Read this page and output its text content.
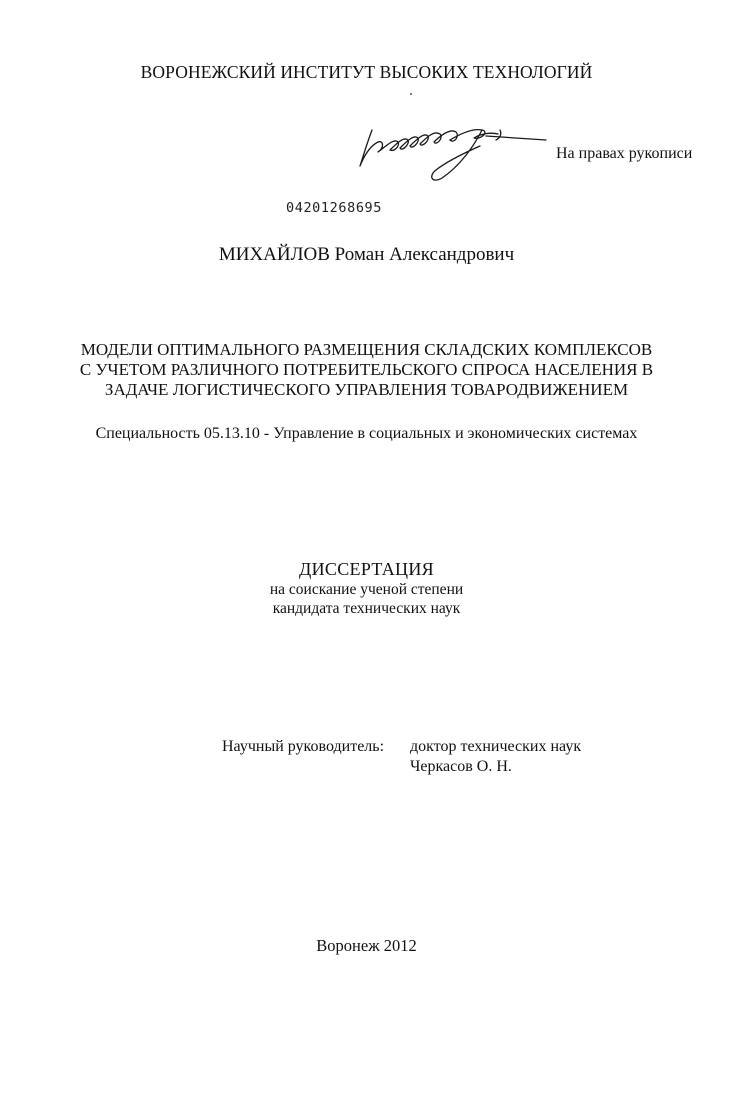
ВОРОНЕЖСКИЙ ИНСТИТУТ ВЫСОКИХ ТЕХНОЛОГИЙ
На правах рукописи
04201268695
МИХАЙЛОВ Роман Александрович
МОДЕЛИ ОПТИМАЛЬНОГО РАЗМЕЩЕНИЯ СКЛАДСКИХ КОМПЛЕКСОВ
С УЧЕТОМ РАЗЛИЧНОГО ПОТРЕБИТЕЛЬСКОГО СПРОСА НАСЕЛЕНИЯ В
ЗАДАЧЕ ЛОГИСТИЧЕСКОГО УПРАВЛЕНИЯ ТОВАРОДВИЖЕНИЕМ
Специальность 05.13.10 - Управление в социальных и экономических системах
ДИССЕРТАЦИЯ
на соискание ученой степени
кандидата технических наук
Научный руководитель: доктор технических наук
Черкасов О. Н.
Воронеж 2012
